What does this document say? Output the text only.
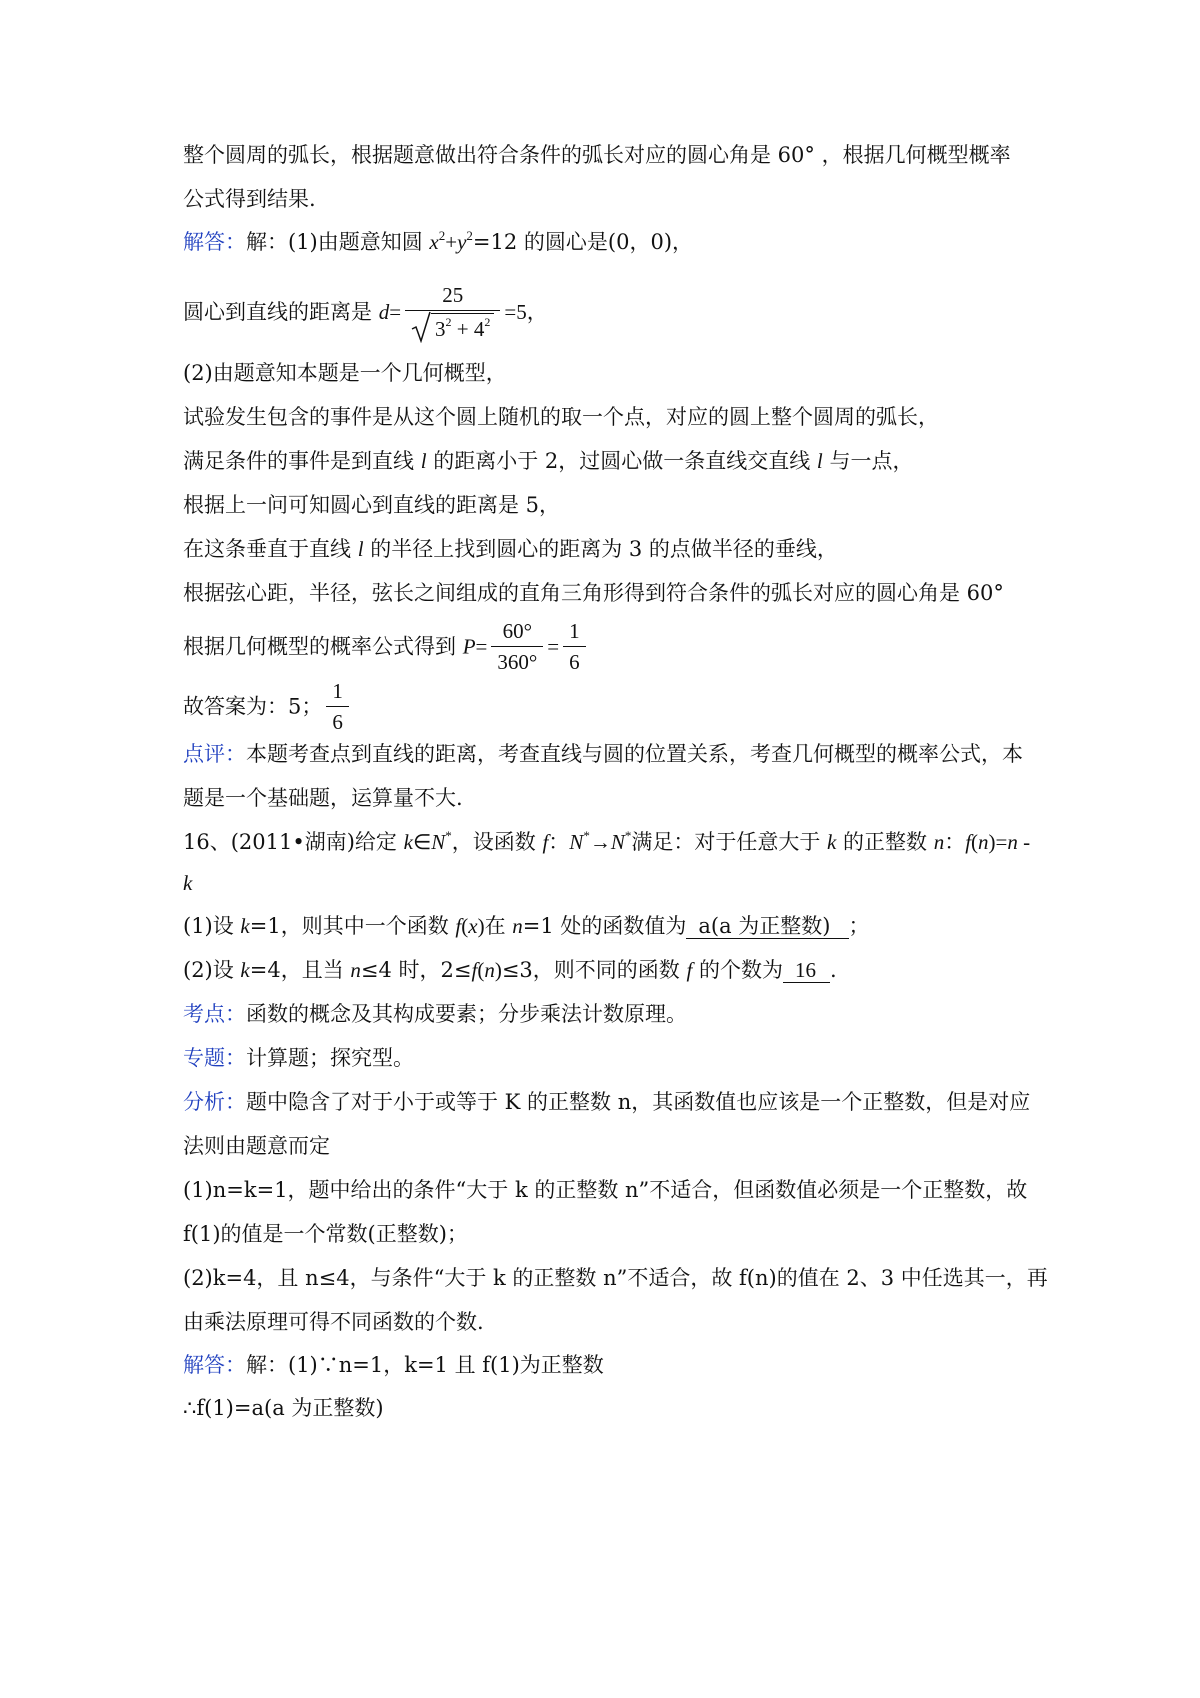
整个圆周的弧长，根据题意做出符合条件的弧长对应的圆心角是 60° ，根据几何概型概率
公式得到结果.
解答：解：(1)由题意知圆 $x^2+y^2=12$ 的圆心是(0，0)，
圆心到直线的距离是 $d= \frac{25}{3^2 + 4^2} =5$，
(2)由题意知本题是一个几何概型，
试验发生包含的事件是从这个圆上随机的取一个点，对应的圆上整个圆周的弧长，
满足条件的事件是到直线 l 的距离小于 2，过圆心做一条直线交直线 l 与一点，
根据上一问可知圆心到直线的距离是 5，
在这条垂直于直线 l 的半径上找到圆心的距离为 3 的点做半径的垂线，
根据弦心距，半径，弦长之间组成的直角三角形得到符合条件的弧长对应的圆心角是 60°
根据几何概型的概率公式得到 $P= \frac{60^\circ}{360^\circ} = \frac{1}{6}$
故答案为：5； $\frac{1}{6}$
点评：本题考查点到直线的距离，考查直线与圆的位置关系，考查几何概型的概率公式，本
题是一个基础题，运算量不大.
16、(2011•湖南)给定 k∈N*，设函数 f：N*→N*满足：对于任意大于 k 的正整数 n：f(n)=n -
k
(1)设 k=1，则其中一个函数 f(x)在 n=1 处的函数值为 a(a 为正整数) ；
(2)设 k=4，且当 n≤4 时，2≤f(n)≤3，则不同的函数 f 的个数为 16 .
考点：函数的概念及其构成要素；分步乘法计数原理。
专题：计算题；探究型。
分析：题中隐含了对于小于或等于 K 的正整数 n，其函数值也应该是一个正整数，但是对应
法则由题意而定
(1)n=k=1，题中给出的条件“大于 k 的正整数 n”不适合，但函数值必须是一个正整数，故
f(1)的值是一个常数(正整数)；
(2)k=4，且 n≤4，与条件“大于 k 的正整数 n”不适合，故 f(n)的值在 2、3 中任选其一，再
由乘法原理可得不同函数的个数.
解答：解：(1)∵n=1，k=1 且 f(1)为正整数
∴f(1)=a(a 为正整数)
